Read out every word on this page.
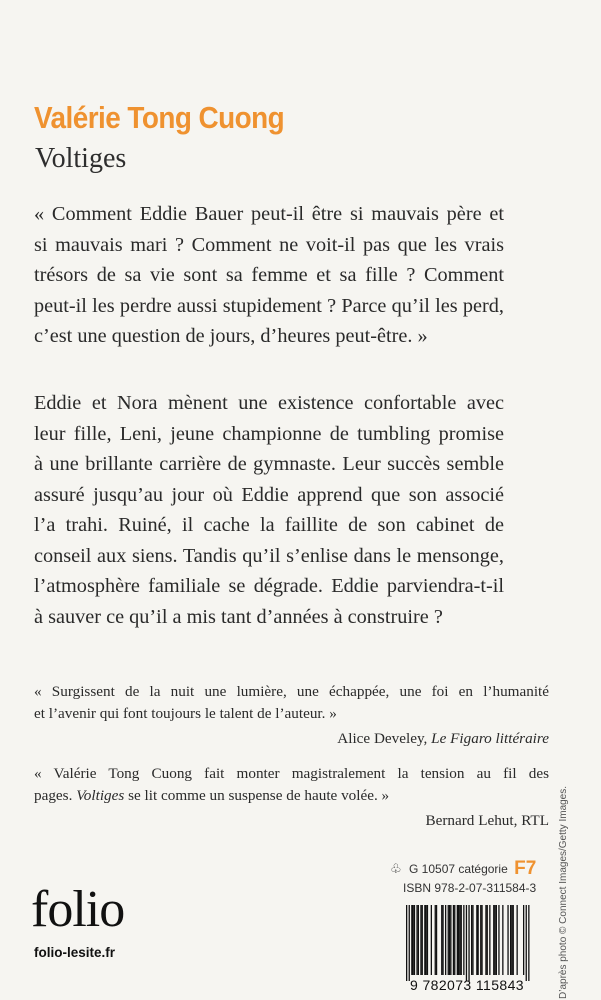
Valérie Tong Cuong
Voltiges
« Comment Eddie Bauer peut-il être si mauvais père et
si mauvais mari ? Comment ne voit-il pas que les vrais
trésors de sa vie sont sa femme et sa fille ? Comment
peut-il les perdre aussi stupidement ? Parce qu’il les perd,
c’est une question de jours, d’heures peut-être. »
Eddie et Nora mènent une existence confortable avec
leur fille, Leni, jeune championne de tumbling promise
à une brillante carrière de gymnaste. Leur succès semble
assuré jusqu’au jour où Eddie apprend que son associé
l’a trahi. Ruiné, il cache la faillite de son cabinet de
conseil aux siens. Tandis qu’il s’enlise dans le mensonge,
l’atmosphère familiale se dégrade. Eddie parviendra-t-il
à sauver ce qu’il a mis tant d’années à construire ?
« Surgissent de la nuit une lumière, une échappée, une foi en l’humanité
et l’avenir qui font toujours le talent de l’auteur. »
Alice Develey, Le Figaro littéraire
« Valérie Tong Cuong fait monter magistralement la tension au fil des
pages. Voltiges se lit comme un suspense de haute volée. »
Bernard Lehut, RTL
♧ G 10507 catégorie F7
ISBN 978-2-07-311584-3
9 782073 115843
folio
folio-lesite.fr	D’après photo © Connect Images/Getty Images.
